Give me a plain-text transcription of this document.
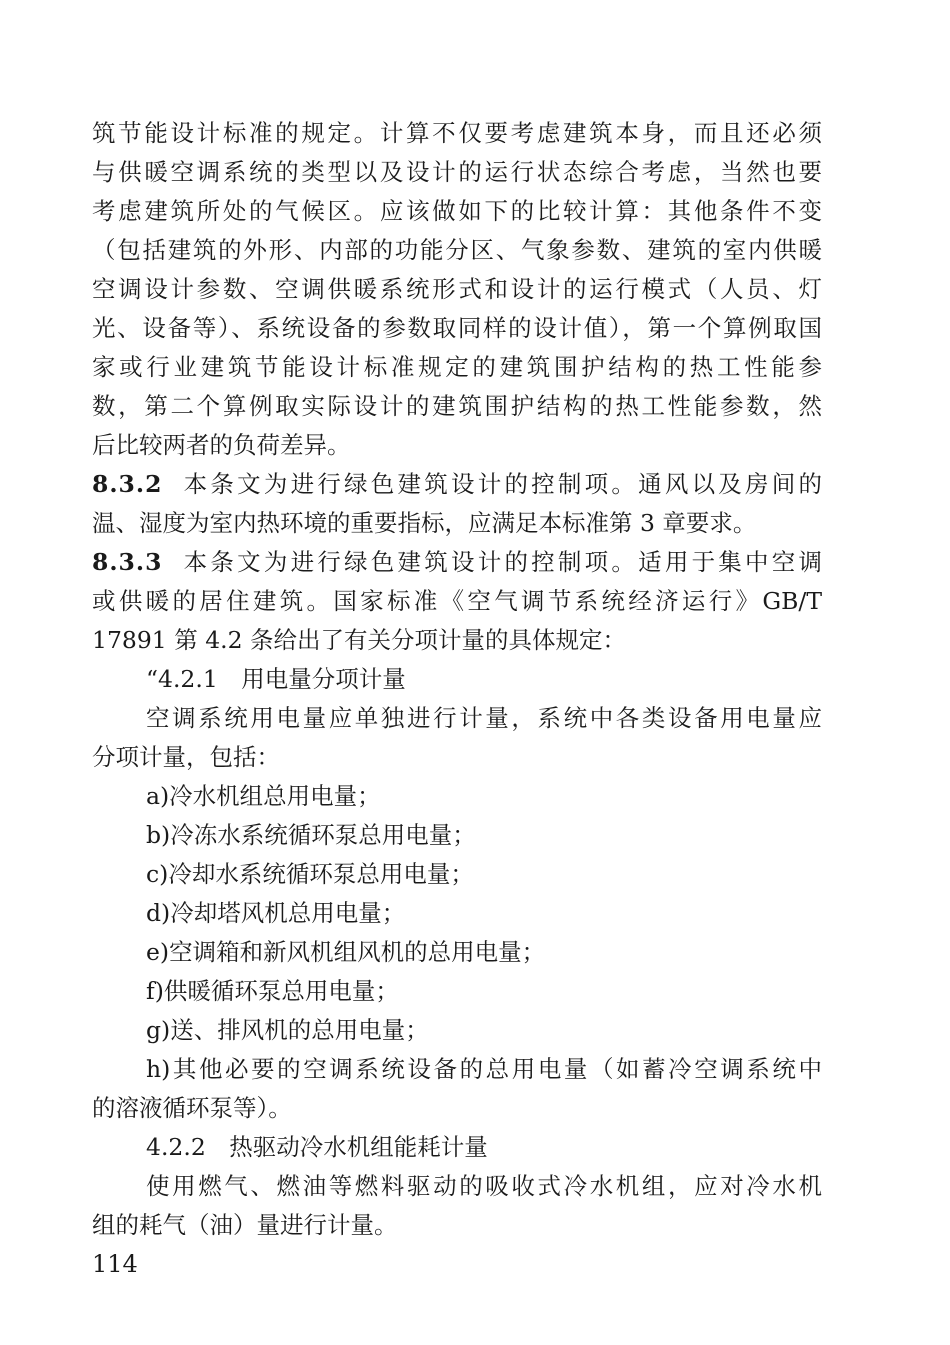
筑节能设计标准的规定。计算不仅要考虑建筑本身，而且还必须
与供暖空调系统的类型以及设计的运行状态综合考虑，当然也要
考虑建筑所处的气候区。应该做如下的比较计算：其他条件不变
（包括建筑的外形、内部的功能分区、气象参数、建筑的室内供暖
空调设计参数、空调供暖系统形式和设计的运行模式（人员、灯
光、设备等）、系统设备的参数取同样的设计值），第一个算例取国
家或行业建筑节能设计标准规定的建筑围护结构的热工性能参
数，第二个算例取实际设计的建筑围护结构的热工性能参数，然
后比较两者的负荷差异。
8.3.2 本条文为进行绿色建筑设计的控制项。通风以及房间的
温、湿度为室内热环境的重要指标，应满足本标准第 3 章要求。
8.3.3 本条文为进行绿色建筑设计的控制项。适用于集中空调
或供暖的居住建筑。国家标准《空气调节系统经济运行》GB/T
17891 第 4.2 条给出了有关分项计量的具体规定：
“4.2.1　用电量分项计量
空调系统用电量应单独进行计量，系统中各类设备用电量应
分项计量，包括：
a)冷水机组总用电量；
b)冷冻水系统循环泵总用电量；
c)冷却水系统循环泵总用电量；
d)冷却塔风机总用电量；
e)空调箱和新风机组风机的总用电量；
f)供暖循环泵总用电量；
g)送、排风机的总用电量；
h)其他必要的空调系统设备的总用电量（如蓄冷空调系统中
的溶液循环泵等）。
4.2.2　热驱动冷水机组能耗计量
使用燃气、燃油等燃料驱动的吸收式冷水机组，应对冷水机
组的耗气（油）量进行计量。
114
